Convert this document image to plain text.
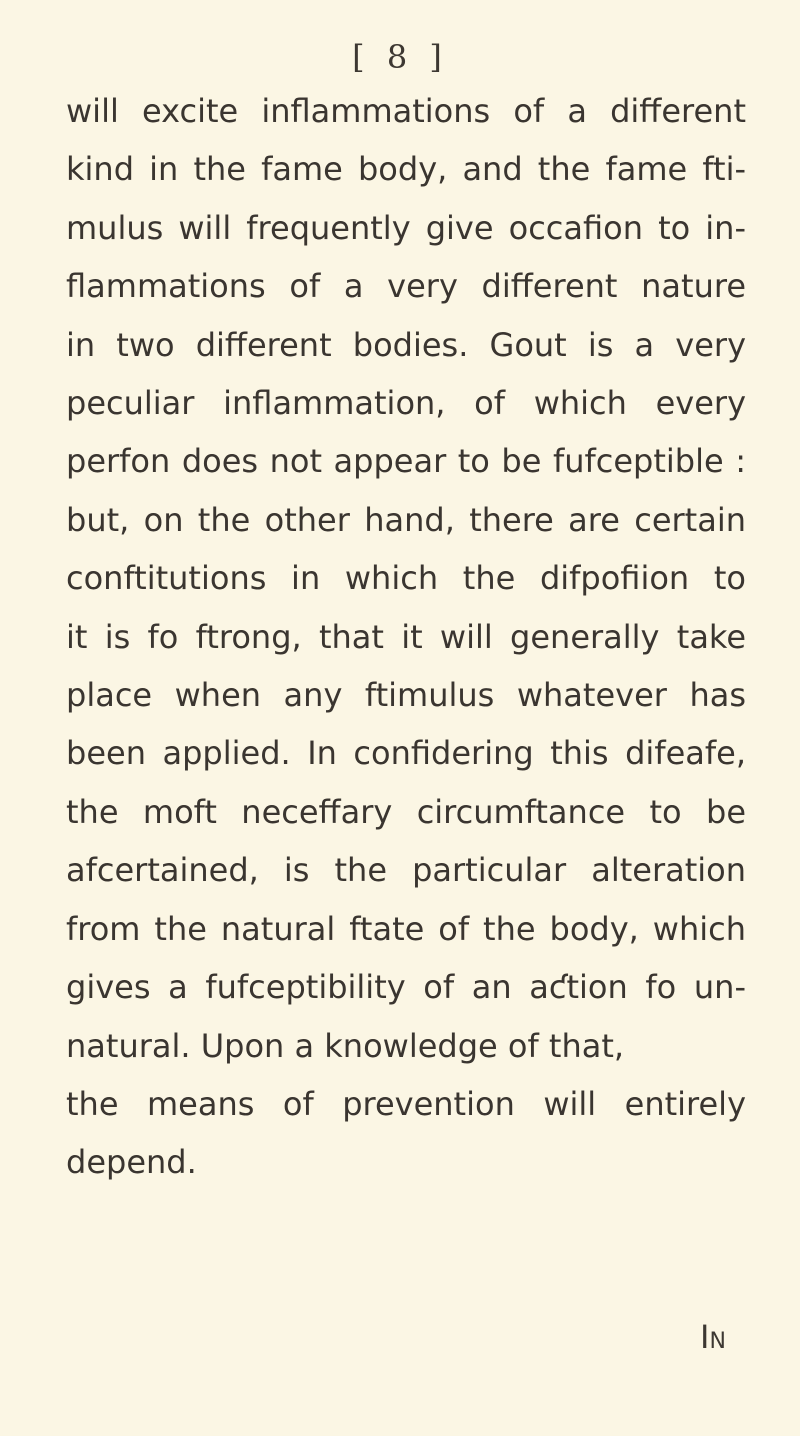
[ 8 ]
will excite inflammations of a different
kind in the fame body, and the fame fti-
mulus will frequently give occafion to in-
flammations of a very different nature
in two different bodies. Gout is a very
peculiar inflammation, of which every
perfon does not appear to be fufceptible :
but, on the other hand, there are certain
conftitutions in which the difpofiion to
it is fo ftrong, that it will generally take
place when any ftimulus whatever has
been applied. In confidering this difeafe,
the moft neceffary circumftance to be
afcertained, is the particular alteration
from the natural ftate of the body, which
gives a fufceptibility of an aƈtion fo un-
natural. Upon a knowledge of that,
the means of prevention will entirely
depend.
In
